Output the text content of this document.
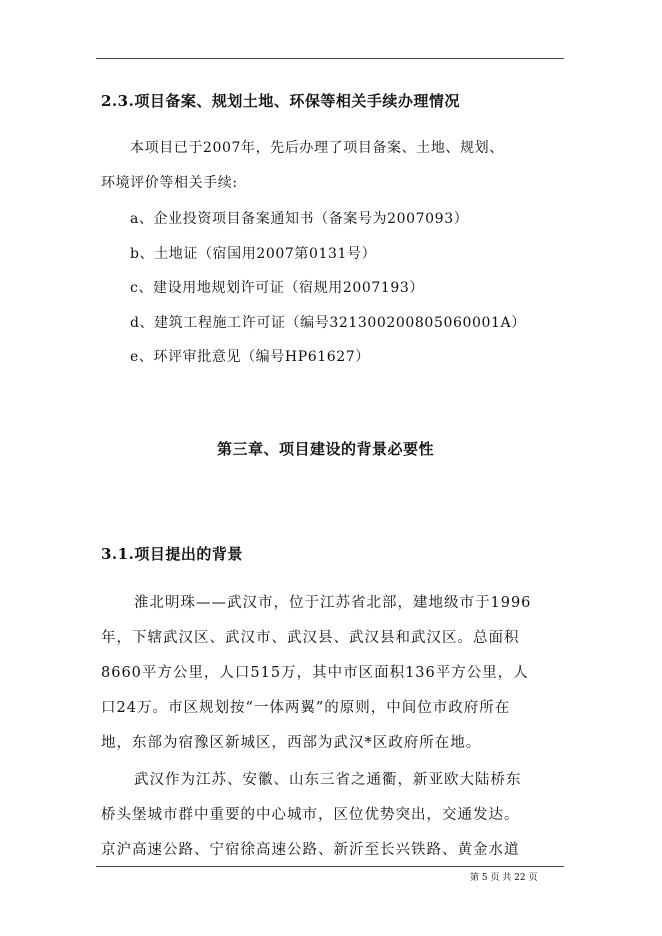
2.3.项目备案、规划土地、环保等相关手续办理情况
本项目已于2007年，先后办理了项目备案、土地、规划、
环境评价等相关手续:
a、企业投资项目备案通知书（备案号为2007093）
b、土地证（宿国用2007第0131号）
c、建设用地规划许可证（宿规用2007193）
d、建筑工程施工许可证（编号321300200805060001A）
e、环评审批意见（编号HP61627）
第三章、项目建设的背景必要性
3.1.项目提出的背景
淮北明珠——武汉市，位于江苏省北部，建地级市于1996
年，下辖武汉区、武汉市、武汉县、武汉县和武汉区。总面积
8660平方公里，人口515万，其中市区面积136平方公里，人
口24万。市区规划按“一体两翼”的原则，中间位市政府所在
地，东部为宿豫区新城区，西部为武汉*区政府所在地。
武汉作为江苏、安徽、山东三省之通衢，新亚欧大陆桥东
桥头堡城市群中重要的中心城市，区位优势突出，交通发达。
京沪高速公路、宁宿徐高速公路、新沂至长兴铁路、黄金水道
第 5 页 共 22 页
